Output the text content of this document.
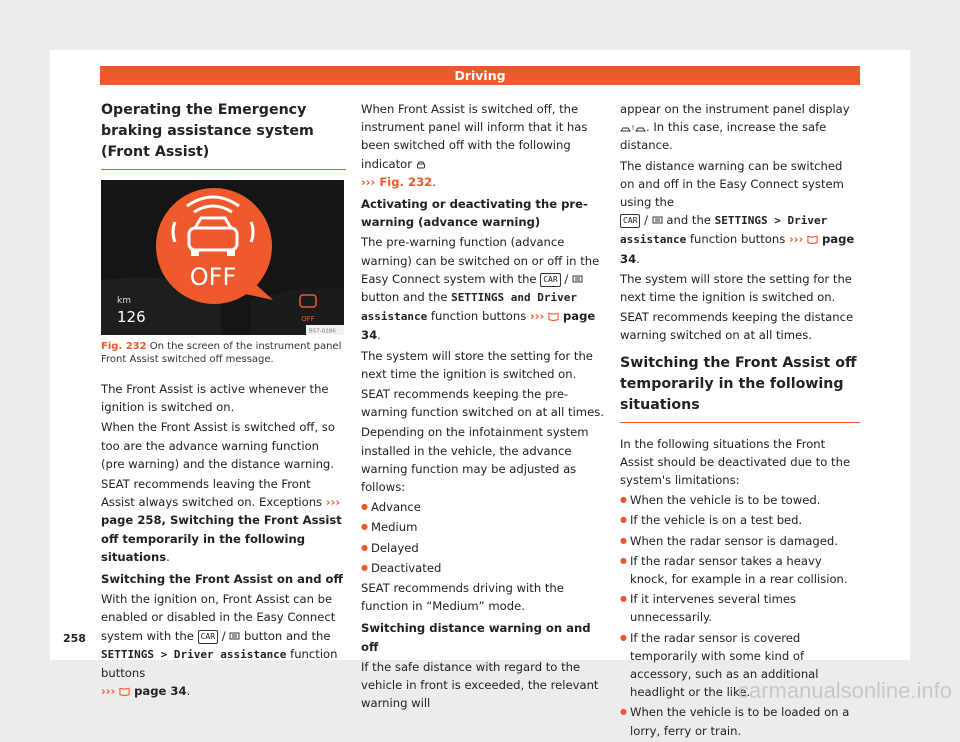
Driving
Operating the Emergency braking assistance system (Front Assist)
OFF
km
126	OFF
B57-0286
Fig. 232 On the screen of the instrument panel Front Assist switched off message.

The Front Assist is active whenever the ignition is switched on.

When the Front Assist is switched off, so too are the advance warning function (pre warning) and the distance warning.

SEAT recommends leaving the Front Assist always switched on. Exceptions ››› page 258, Switching the Front Assist off temporarily in the following situations.

Switching the Front Assist on and off

With the ignition on, Front Assist can be enabled or disabled in the Easy Connect system with the CAR /  button and the SETTINGS > Driver assistance function buttons
›››  page 34.

When Front Assist is switched off, the instrument panel will inform that it has been switched off with the following indicator
››› Fig. 232.

Activating or deactivating the pre-warning (advance warning)

The pre-warning function (advance warning) can be switched on or off in the Easy Connect system with the CAR /  button and the SETTINGS and Driver assistance function buttons ›››  page 34.

The system will store the setting for the next time the ignition is switched on.

SEAT recommends keeping the pre-warning function switched on at all times.

Depending on the infotainment system installed in the vehicle, the advance warning function may be adjusted as follows:

● Advance
● Medium
● Delayed
● Deactivated

SEAT recommends driving with the function in “Medium” mode.

Switching distance warning on and off

If the safe distance with regard to the vehicle in front is exceeded, the relevant warning will

appear on the instrument panel display
! . In this case, increase the safe distance.

The distance warning can be switched on and off in the Easy Connect system using the
CAR /  and the SETTINGS > Driver assistance function buttons ›››  page 34.

The system will store the setting for the next time the ignition is switched on.

SEAT recommends keeping the distance warning switched on at all times.

Switching the Front Assist off temporarily in the following situations

In the following situations the Front Assist should be deactivated due to the system's limitations:

● When the vehicle is to be towed.
● If the vehicle is on a test bed.
● When the radar sensor is damaged.
● If the radar sensor takes a heavy knock, for example in a rear collision.
● If it intervenes several times unnecessarily.
● If the radar sensor is covered temporarily with some kind of accessory, such as an additional headlight or the like.
● When the vehicle is to be loaded on a lorry, ferry or train.
258
carmanualsonline.info
